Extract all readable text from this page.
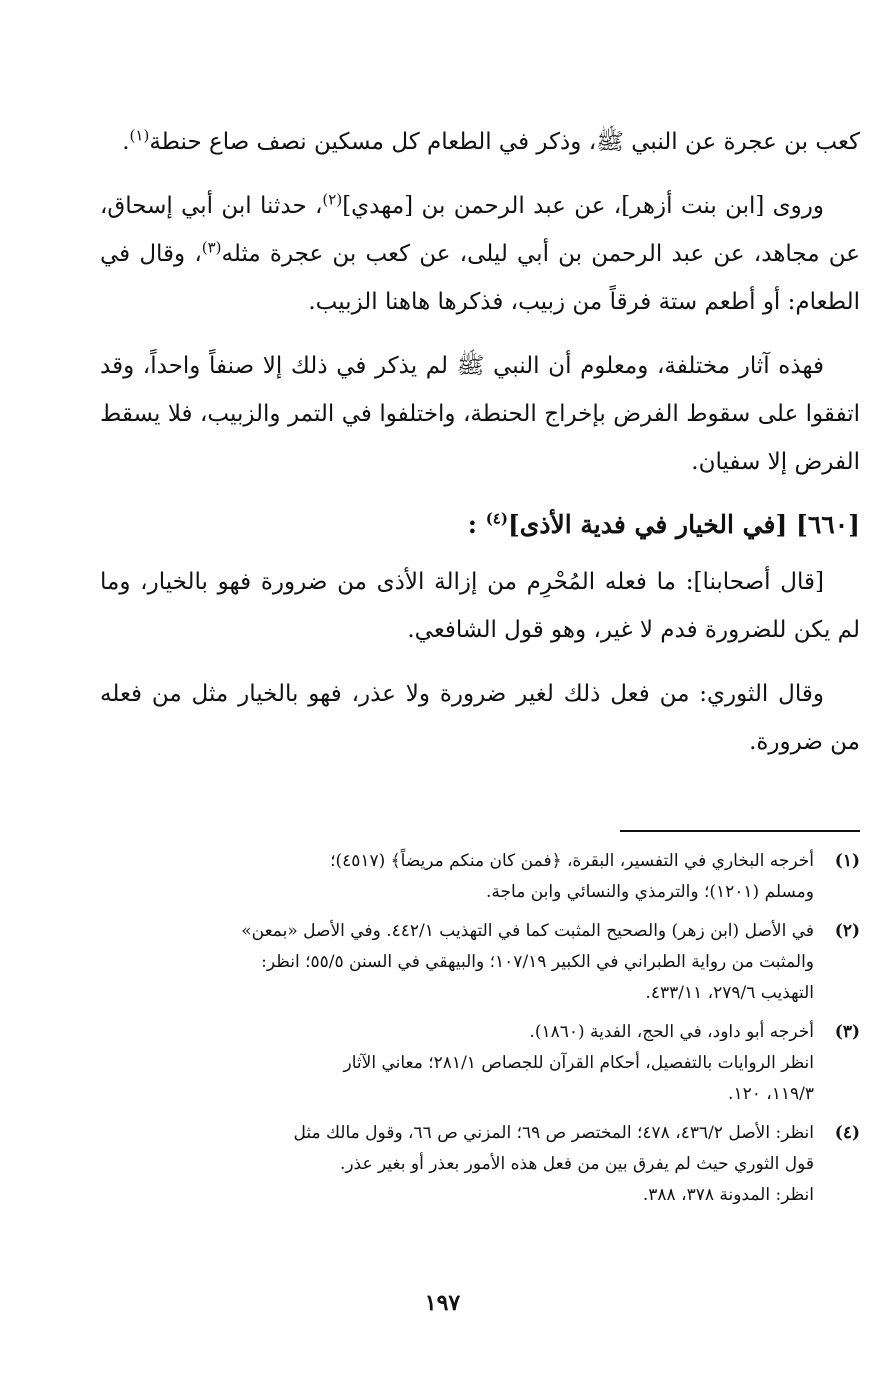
كعب بن عجرة عن النبي ﷺ، وذكر في الطعام كل مسكين نصف صاع حنطة$^{(١)}$.

وروى [ابن بنت أزهر]، عن عبد الرحمن بن [مهدي]$^{(٢)}$، حدثنا ابن أبي إسحاق، عن مجاهد، عن عبد الرحمن بن أبي ليلى، عن كعب بن عجرة مثله$^{(٣)}$، وقال في الطعام: أو أطعم ستة فرقاً من زبيب، فذكرها هاهنا الزبيب.

فهذه آثار مختلفة، ومعلوم أن النبي ﷺ لم يذكر في ذلك إلا صنفاً واحداً، وقد اتفقوا على سقوط الفرض بإخراج الحنطة، واختلفوا في التمر والزبيب، فلا يسقط الفرض إلا سفيان.

[٦٦٠] [في الخيار في فدية الأذى]$^{(٤)}$ :

[قال أصحابنا]: ما فعله المُحْرِم من إزالة الأذى من ضرورة فهو بالخيار، وما لم يكن للضرورة فدم لا غير، وهو قول الشافعي.

وقال الثوري: من فعل ذلك لغير ضرورة ولا عذر، فهو بالخيار مثل من فعله من ضرورة.

(١)
أخرجه البخاري في التفسير، البقرة، ﴿فمن كان منكم مريضاً﴾ (٤٥١٧)؛
ومسلم (١٢٠١)؛ والترمذي والنسائي وابن ماجة.
(٢)
في الأصل (ابن زهر) والصحيح المثبت كما في التهذيب ٤٤٢/١. وفي الأصل «بمعن»
والمثبت من رواية الطبراني في الكبير ١٠٧/١٩؛ والبيهقي في السنن ٥٥/٥؛ انظر:
التهذيب ٢٧٩/٦، ٤٣٣/١١.
(٣)
أخرجه أبو داود، في الحج، الفدية (١٨٦٠).
انظر الروايات بالتفصيل، أحكام القرآن للجصاص ٢٨١/١؛ معاني الآثار
١١٩/٣، ١٢٠.
(٤)
انظر: الأصل ٤٣٦/٢، ٤٧٨؛ المختصر ص ٦٩؛ المزني ص ٦٦، وقول مالك مثل
قول الثوري حيث لم يفرق بين من فعل هذه الأمور بعذر أو بغير عذر.
انظر: المدونة ٣٧٨، ٣٨٨.
١٩٧
